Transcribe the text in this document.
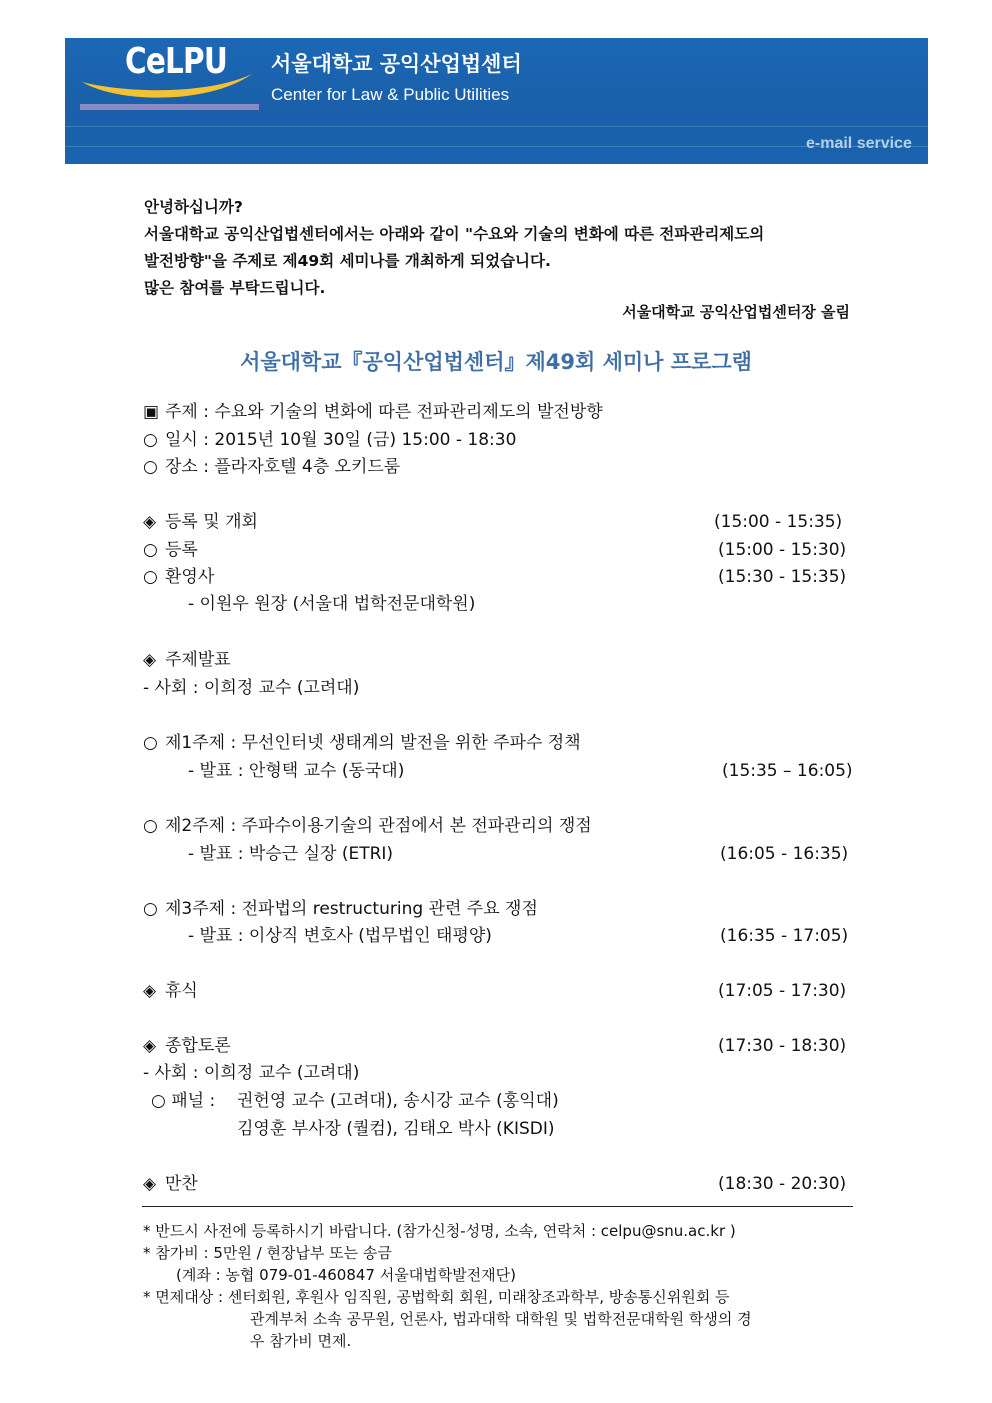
CeLPU 서울대학교 공익산업법센터
Center for Law & Public Utilities
e-mail service
안녕하십니까?
서울대학교 공익산업법센터에서는 아래와 같이 "수요와 기술의 변화에 따른 전파관리제도의
발전방향"을 주제로 제49회 세미나를 개최하게 되었습니다.
많은 참여를 부탁드립니다.
서울대학교 공익산업법센터장 올림
서울대학교『공익산업법센터』제49회 세미나 프로그램
▣ 주제 : 수요와 기술의 변화에 따른 전파관리제도의 발전방향
○ 일시 : 2015년 10월 30일 (금) 15:00 - 18:30
○ 장소 : 플라자호텔 4층 오키드룸
◈ 등록 및 개회	(15:00 - 15:35)
○ 등록	(15:00 - 15:30)
○ 환영사	(15:30 - 15:35)
- 이원우 원장 (서울대 법학전문대학원)
◈ 주제발표
- 사회 : 이희정 교수 (고려대)
○ 제1주제 : 무선인터넷 생태계의 발전을 위한 주파수 정책
- 발표 : 안형택 교수 (동국대)	(15:35 – 16:05)
○ 제2주제 : 주파수이용기술의 관점에서 본 전파관리의 쟁점
- 발표 : 박승근 실장 (ETRI)	(16:05 - 16:35)
○ 제3주제 : 전파법의 restructuring 관련 주요 쟁점
- 발표 : 이상직 변호사 (법무법인 태평양)	(16:35 - 17:05)
◈ 휴식	(17:05 - 17:30)
◈ 종합토론	(17:30 - 18:30)
- 사회 : 이희정 교수 (고려대)
○ 패널 : 권헌영 교수 (고려대), 송시강 교수 (홍익대)
김영훈 부사장 (퀄컴), 김태오 박사 (KISDI)
◈ 만찬	(18:30 - 20:30)
* 반드시 사전에 등록하시기 바랍니다. (참가신청-성명, 소속, 연락처 : celpu@snu.ac.kr )
* 참가비 : 5만원 / 현장납부 또는 송금
(계좌 : 농협 079-01-460847 서울대법학발전재단)
* 면제대상 : 센터회원, 후원사 임직원, 공법학회 회원, 미래창조과학부, 방송통신위원회 등
관계부처 소속 공무원, 언론사, 법과대학 대학원 및 법학전문대학원 학생의 경
우 참가비 면제.
